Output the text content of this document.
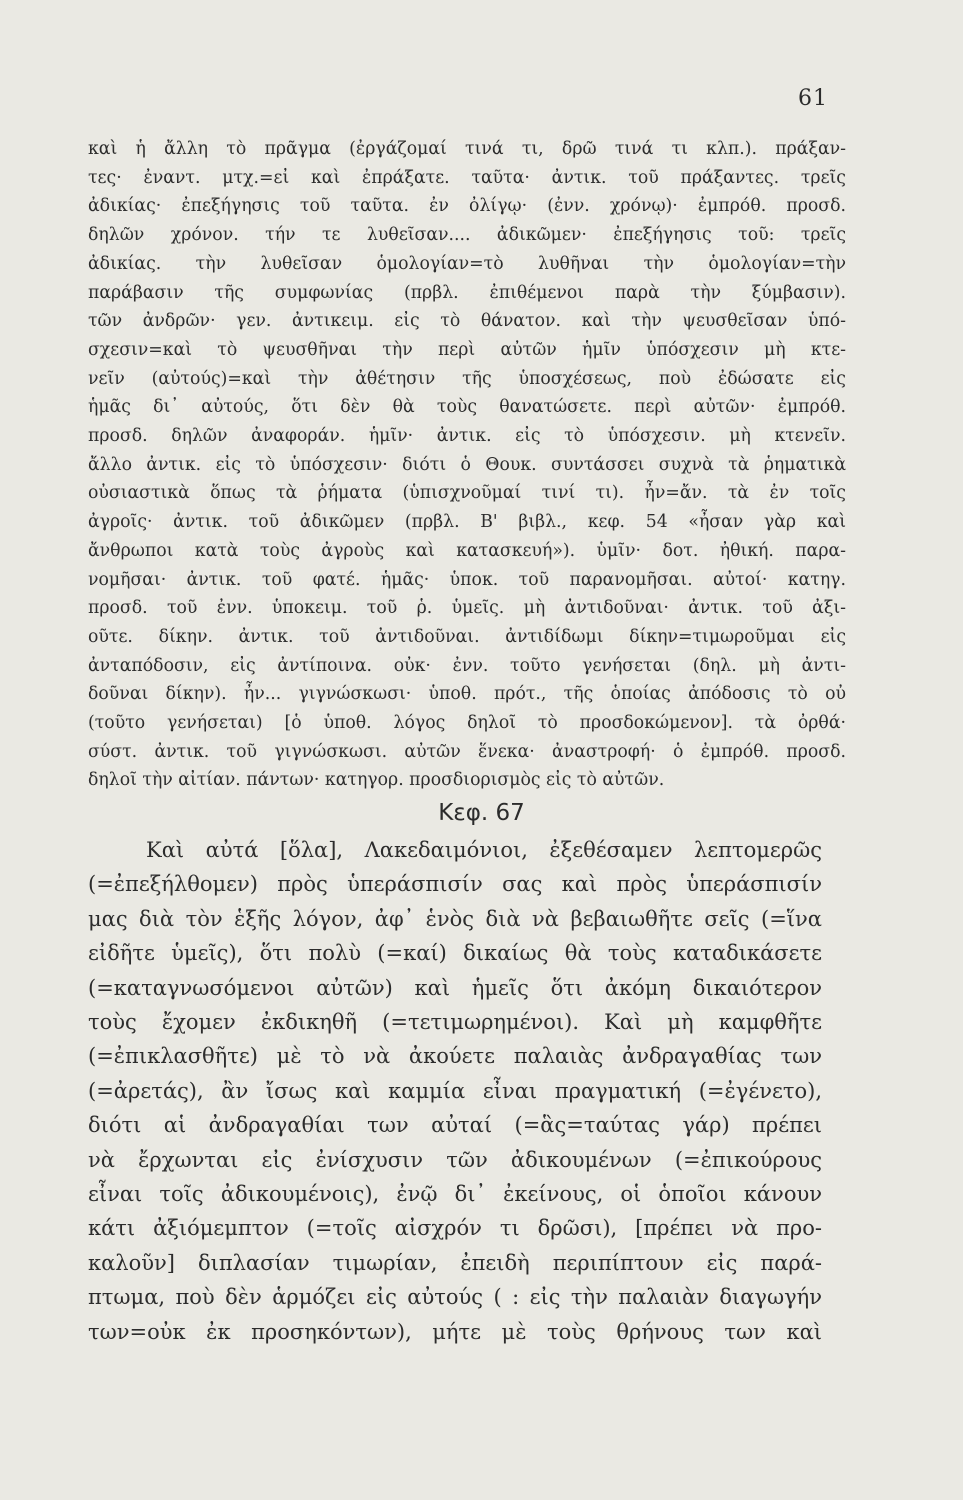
61
καὶ ἡ ἄλλη τὸ πρᾶγμα (ἐργάζομαί τινά τι, δρῶ τινά τι κλπ.). πράξαν-
τες· ἐναντ. μτχ.=εἰ καὶ ἐπράξατε. ταῦτα· ἀντικ. τοῦ πράξαντες. τρεῖς
ἀδικίας· ἐπεξήγησις τοῦ ταῦτα. ἐν ὀλίγῳ· (ἐνν. χρόνῳ)· ἐμπρόθ. προσδ.
δηλῶν χρόνον. τήν τε λυθεῖσαν.... ἀδικῶμεν· ἐπεξήγησις τοῦ: τρεῖς
ἀδικίας. τὴν λυθεῖσαν ὁμολογίαν=τὸ λυθῆναι τὴν ὁμολογίαν=τὴν
παράβασιν τῆς συμφωνίας (πρβλ. ἐπιθέμενοι παρὰ τὴν ξύμβασιν).
τῶν ἀνδρῶν· γεν. ἀντικειμ. εἰς τὸ θάνατον. καὶ τὴν ψευσθεῖσαν ὑπό-
σχεσιν=καὶ τὸ ψευσθῆναι τὴν περὶ αὐτῶν ἡμῖν ὑπόσχεσιν μὴ κτε-
νεῖν (αὐτούς)=καὶ τὴν ἀθέτησιν τῆς ὑποσχέσεως, ποὺ ἐδώσατε εἰς
ἡμᾶς δι᾽ αὐτούς, ὅτι δὲν θὰ τοὺς θανατώσετε. περὶ αὐτῶν· ἐμπρόθ.
προσδ. δηλῶν ἀναφοράν. ἡμῖν· ἀντικ. εἰς τὸ ὑπόσχεσιν. μὴ κτενεῖν.
ἄλλο ἀντικ. εἰς τὸ ὑπόσχεσιν· διότι ὁ Θουκ. συντάσσει συχνὰ τὰ ῥηματικὰ
οὐσιαστικὰ ὅπως τὰ ῥήματα (ὑπισχνοῦμαί τινί τι). ἦν=ἄν. τὰ ἐν τοῖς
ἀγροῖς· ἀντικ. τοῦ ἀδικῶμεν (πρβλ. Β' βιβλ., κεφ. 54 «ἦσαν γὰρ καὶ
ἄνθρωποι κατὰ τοὺς ἀγροὺς καὶ κατασκευή»). ὑμῖν· δοτ. ἠθική. παρα-
νομῆσαι· ἀντικ. τοῦ φατέ. ἡμᾶς· ὑποκ. τοῦ παρανομῆσαι. αὐτοί· κατηγ.
προσδ. τοῦ ἐνν. ὑποκειμ. τοῦ ῥ. ὑμεῖς. μὴ ἀντιδοῦναι· ἀντικ. τοῦ ἀξι-
οῦτε. δίκην. ἀντικ. τοῦ ἀντιδοῦναι. ἀντιδίδωμι δίκην=τιμωροῦμαι εἰς
ἀνταπόδοσιν, εἰς ἀντίποινα. οὐκ· ἐνν. τοῦτο γενήσεται (δηλ. μὴ ἀντι-
δοῦναι δίκην). ἦν... γιγνώσκωσι· ὑποθ. πρότ., τῆς ὁποίας ἀπόδοσις τὸ οὐ
(τοῦτο γενήσεται) [ὁ ὑποθ. λόγος δηλοῖ τὸ προσδοκώμενον]. τὰ ὀρθά·
σύστ. ἀντικ. τοῦ γιγνώσκωσι. αὐτῶν ἕνεκα· ἀναστροφή· ὁ ἐμπρόθ. προσδ.
δηλοῖ τὴν αἰτίαν. πάντων· κατηγορ. προσδιορισμὸς εἰς τὸ αὐτῶν.
Κεφ. 67
Καὶ αὐτά [ὅλα], Λακεδαιμόνιοι, ἐξεθέσαμεν λεπτομερῶς
(=ἐπεξήλθομεν) πρὸς ὑπεράσπισίν σας καὶ πρὸς ὑπεράσπισίν
μας διὰ τὸν ἑξῆς λόγον, ἀφ᾽ ἑνὸς διὰ νὰ βεβαιωθῆτε σεῖς (=ἵνα
εἰδῆτε ὑμεῖς), ὅτι πολὺ (=καί) δικαίως θὰ τοὺς καταδικάσετε
(=καταγνωσόμενοι αὐτῶν) καὶ ἡμεῖς ὅτι ἀκόμη δικαιότερον
τοὺς ἔχομεν ἐκδικηθῆ (=τετιμωρημένοι). Καὶ μὴ καμφθῆτε
(=ἐπικλασθῆτε) μὲ τὸ νὰ ἀκούετε παλαιὰς ἀνδραγαθίας των
(=ἀρετάς), ἂν ἴσως καὶ καμμία εἶναι πραγματική (=ἐγένετο),
διότι αἱ ἀνδραγαθίαι των αὐταί (=ἃς=ταύτας γάρ) πρέπει
νὰ ἔρχωνται εἰς ἐνίσχυσιν τῶν ἀδικουμένων (=ἐπικούρους
εἶναι τοῖς ἀδικουμένοις), ἐνῷ δι᾽ ἐκείνους, οἱ ὁποῖοι κάνουν
κάτι ἀξιόμεμπτον (=τοῖς αἰσχρόν τι δρῶσι), [πρέπει νὰ προ-
καλοῦν] διπλασίαν τιμωρίαν, ἐπειδὴ περιπίπτουν εἰς παρά-
πτωμα, ποὺ δὲν ἁρμόζει εἰς αὐτούς ( : εἰς τὴν παλαιὰν διαγωγήν
των=οὐκ ἐκ προσηκόντων), μήτε μὲ τοὺς θρήνους των καὶ
